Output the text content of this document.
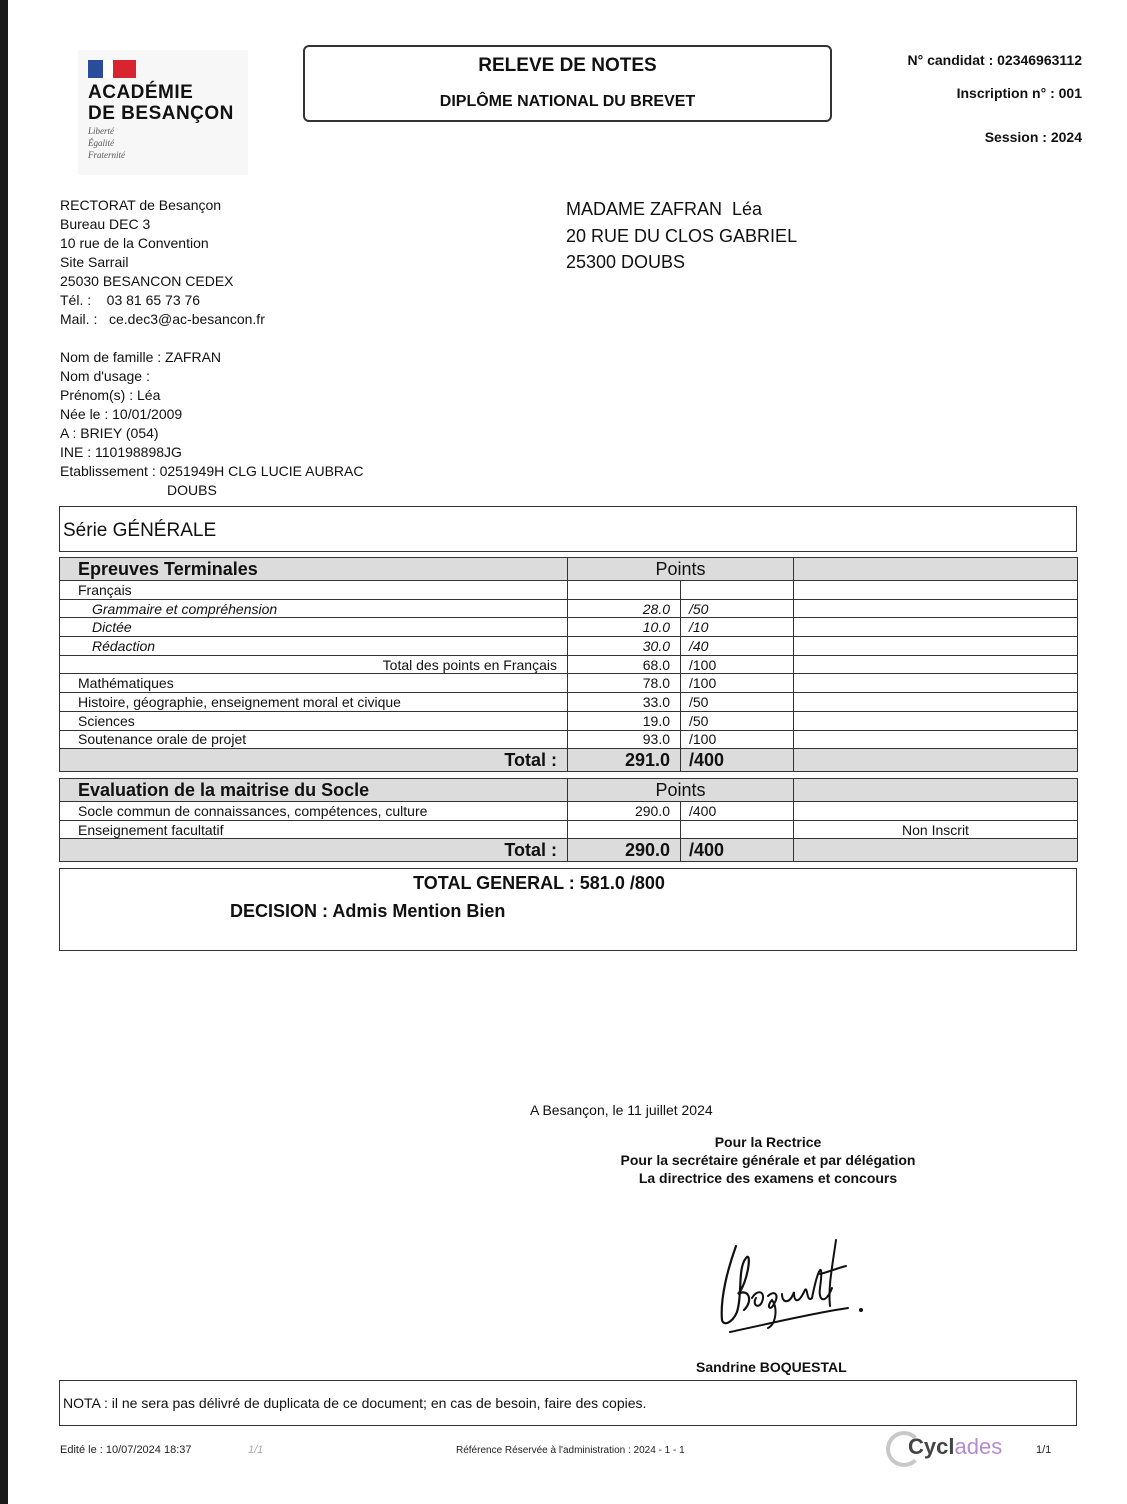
ACADÉMIE
DE BESANÇON
Liberté
Égalité
Fraternité
RELEVE DE NOTES
DIPLÔME NATIONAL DU BREVET
N° candidat : 02346963112
Inscription n° : 001
Session : 2024
RECTORAT de Besançon
Bureau DEC 3
10 rue de la Convention
Site Sarrail
25030 BESANCON CEDEX
Tél. :    03 81 65 73 76
Mail. :   ce.dec3@ac-besancon.fr
MADAME ZAFRAN  Léa
20 RUE DU CLOS GABRIEL
25300 DOUBS
Nom de famille : ZAFRAN
Nom d'usage :
Prénom(s) : Léa
Née le : 10/01/2009
A : BRIEY (054)
INE : 110198898JG
Etablissement : 0251949H CLG LUCIE AUBRAC
DOUBS
Série GÉNÉRALE
Epreuves Terminales	Points		
Français			
Grammaire et compréhension	28.0	/50	
Dictée	10.0	/10	
Rédaction	30.0	/40	
Total des points en Français	68.0	/100	
Mathématiques	78.0	/100	
Histoire, géographie, enseignement moral et civique	33.0	/50	
Sciences	19.0	/50	
Soutenance orale de projet	93.0	/100	
Total :	291.0	/400	
Evaluation de la maitrise du Socle	Points		
Socle commun de connaissances, compétences, culture	290.0	/400	
Enseignement facultatif			Non Inscrit
Total :	290.0	/400	
TOTAL GENERAL : 581.0 /800
DECISION : Admis Mention Bien
A Besançon, le 11 juillet 2024
Pour la Rectrice
Pour la secrétaire générale et par délégation
La directrice des examens et concours
Boquestal
Sandrine BOQUESTAL
NOTA : il ne sera pas délivré de duplicata de ce document; en cas de besoin, faire des copies.
Edité le : 10/07/2024 18:37	1/1	Référence Réservée à l'administration : 2024 - 1 - 1	Cyclades	1/1
